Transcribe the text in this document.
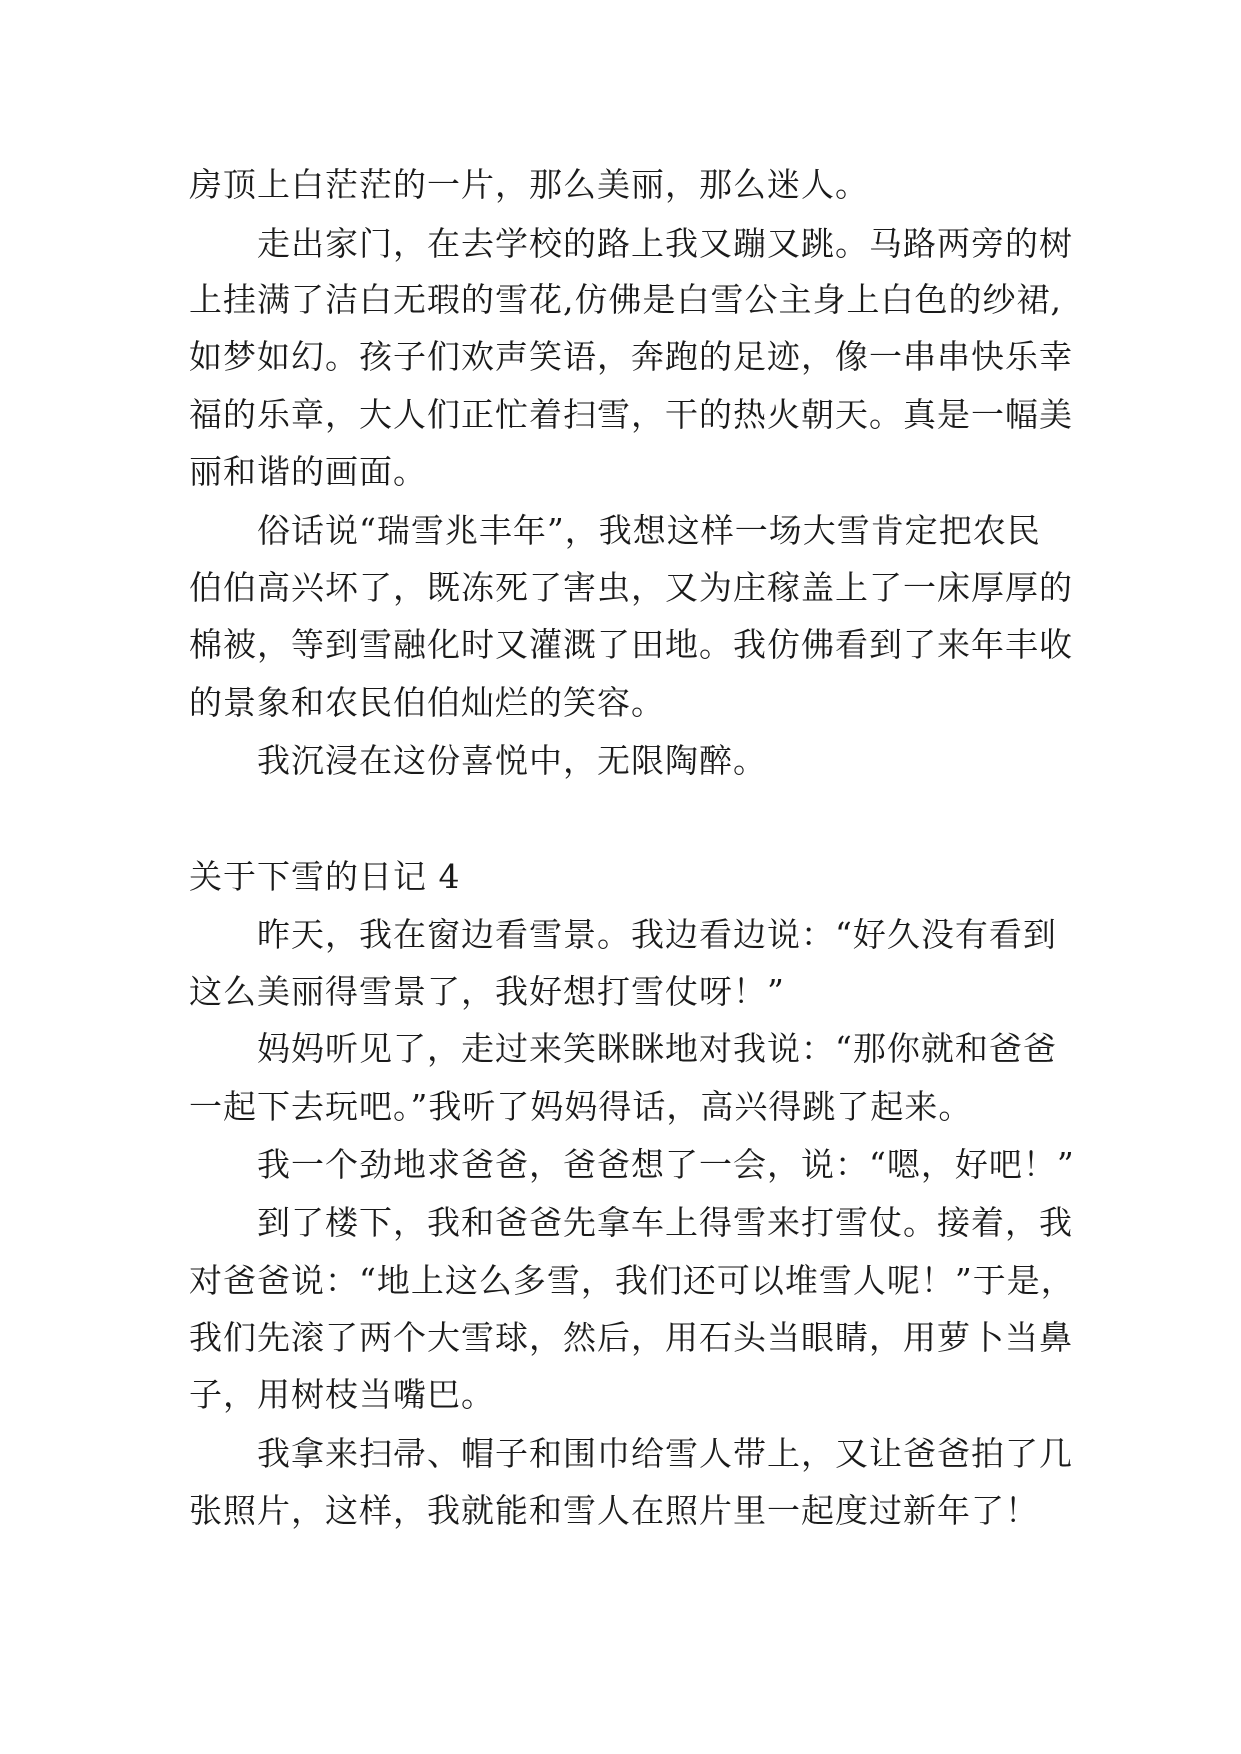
房顶上白茫茫的一片，那么美丽，那么迷人。
走出家门，在去学校的路上我又蹦又跳。马路两旁的树
上挂满了洁白无瑕的雪花,仿佛是白雪公主身上白色的纱裙,
如梦如幻。孩子们欢声笑语，奔跑的足迹，像一串串快乐幸
福的乐章，大人们正忙着扫雪，干的热火朝天。真是一幅美
丽和谐的画面。
俗话说“瑞雪兆丰年”，我想这样一场大雪肯定把农民
伯伯高兴坏了，既冻死了害虫，又为庄稼盖上了一床厚厚的
棉被，等到雪融化时又灌溉了田地。我仿佛看到了来年丰收
的景象和农民伯伯灿烂的笑容。
我沉浸在这份喜悦中，无限陶醉。
关于下雪的日记 4
昨天，我在窗边看雪景。我边看边说：“好久没有看到
这么美丽得雪景了，我好想打雪仗呀！”
妈妈听见了，走过来笑眯眯地对我说：“那你就和爸爸
一起下去玩吧。”我听了妈妈得话，高兴得跳了起来。
我一个劲地求爸爸，爸爸想了一会，说：“嗯，好吧！”
到了楼下，我和爸爸先拿车上得雪来打雪仗。接着，我
对爸爸说：“地上这么多雪，我们还可以堆雪人呢！”于是，
我们先滚了两个大雪球，然后，用石头当眼睛，用萝卜当鼻
子，用树枝当嘴巴。
我拿来扫帚、帽子和围巾给雪人带上，又让爸爸拍了几
张照片，这样，我就能和雪人在照片里一起度过新年了！
